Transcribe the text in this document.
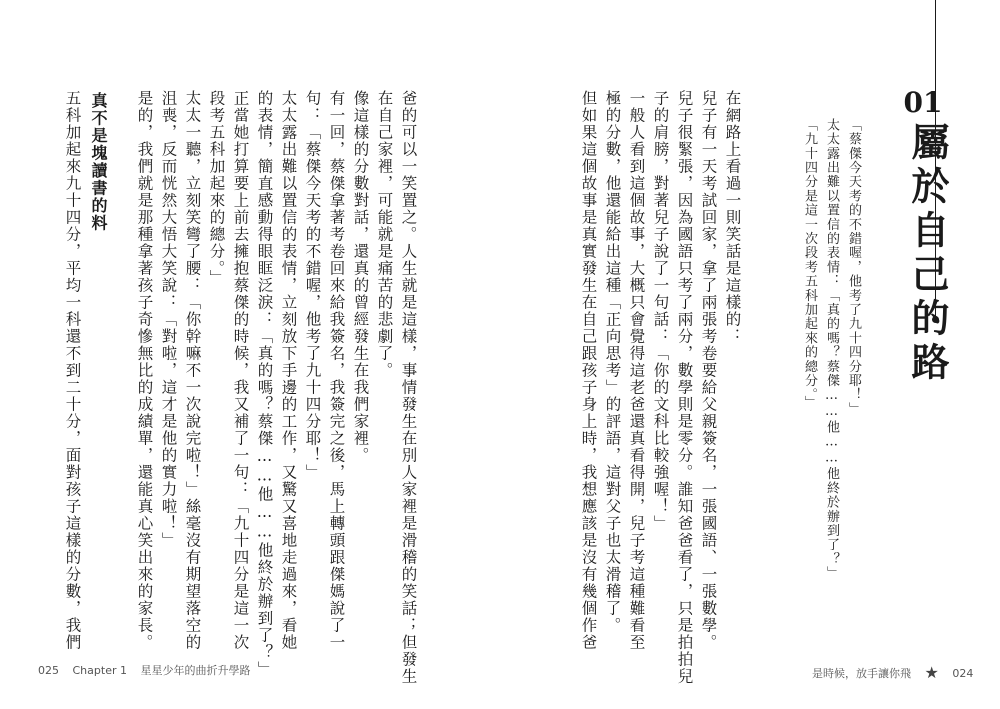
01
屬於自己的路
「蔡傑今天考的不錯喔，他考了九十四分耶！」
太太露出難以置信的表情：「真的嗎？蔡傑……他……他終於辦到了？」
「九十四分是這一次段考五科加起來的總分。」
在網路上看過一則笑話是這樣的：
兒子有一天考試回家，拿了兩張考卷要給父親簽名，一張國語、一張數學。
兒子很緊張，因為國語只考了兩分，數學則是零分。誰知爸爸看了，只是拍拍兒
子的肩膀，對著兒子說了一句話：「你的文科比較強喔！」
一般人看到這個故事，大概只會覺得這老爸還真看得開，兒子考這種難看至
極的分數，他還能給出這種「正向思考」的評語，這對父子也太滑稽了。
但如果這個故事是真實發生在自己跟孩子身上時，我想應該是沒有幾個作爸
爸的可以一笑置之。人生就是這樣，事情發生在別人家裡是滑稽的笑話；但發生
在自己家裡，可能就是痛苦的悲劇了。
像這樣的分數對話，還真的曾經發生在我們家裡。
有一回，蔡傑拿著考卷回來給我簽名，我簽完之後，馬上轉頭跟傑媽說了一
句：「蔡傑今天考的不錯喔，他考了九十四分耶！」
太太露出難以置信的表情，立刻放下手邊的工作，又驚又喜地走過來，看她
的表情，簡直感動得眼眶泛淚：「真的嗎？蔡傑……他……他終於辦到了？」
正當她打算要上前去擁抱蔡傑的時候，我又補了一句：「九十四分是這一次
段考五科加起來的總分。」
太太一聽，立刻笑彎了腰：「你幹嘛不一次說完啦！」絲毫沒有期望落空的
沮喪，反而恍然大悟大笑說：「對啦，這才是他的實力啦！」
是的，我們就是那種拿著孩子奇慘無比的成績單，還能真心笑出來的家長。
真不是塊讀書的料
五科加起來九十四分，平均一科還不到二十分，面對孩子這樣的分數，我們
025 Chapter 1 星星少年的曲折升學路	是時候，放手讓你飛 ★ 024
